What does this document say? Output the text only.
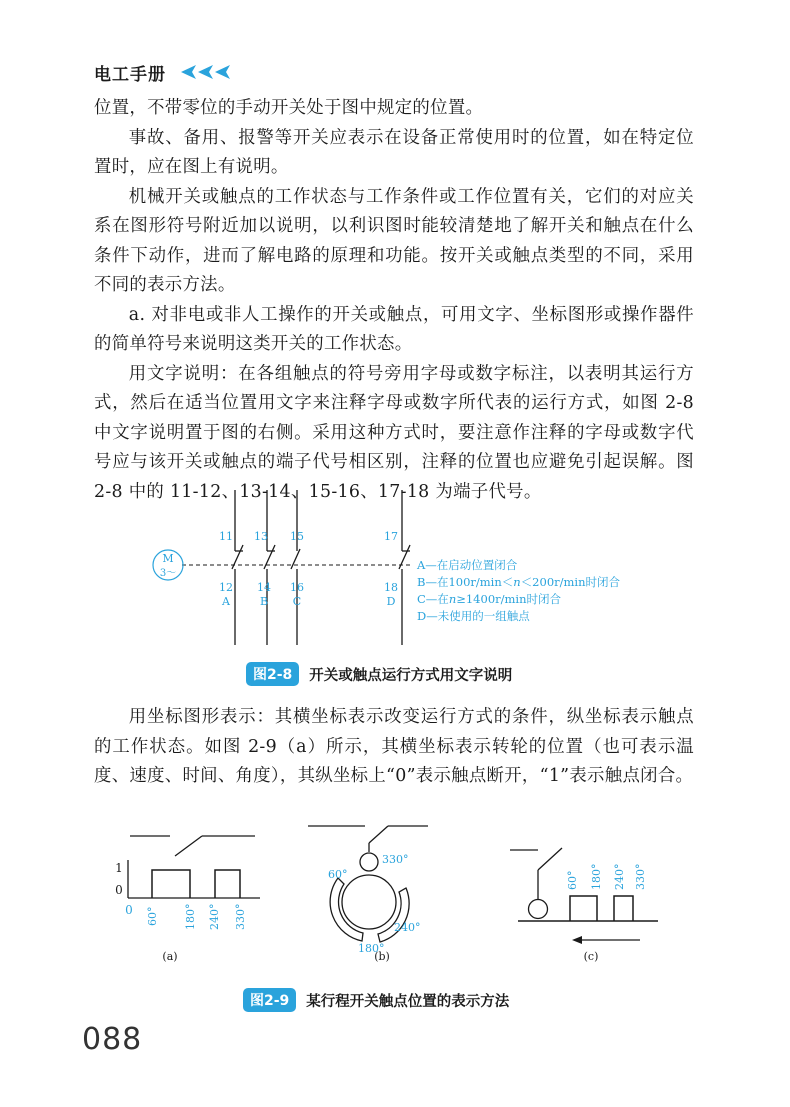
电工手册

位置，不带零位的手动开关处于图中规定的位置。

事故、备用、报警等开关应表示在设备正常使用时的位置，如在特定位置时，应在图上有说明。

机械开关或触点的工作状态与工作条件或工作位置有关，它们的对应关系在图形符号附近加以说明，以利识图时能较清楚地了解开关和触点在什么条件下动作，进而了解电路的原理和功能。按开关或触点类型的不同，采用不同的表示方法。

a. 对非电或非人工操作的开关或触点，可用文字、坐标图形或操作器件的简单符号来说明这类开关的工作状态。

用文字说明：在各组触点的符号旁用字母或数字标注，以表明其运行方式，然后在适当位置用文字来注释字母或数字所代表的运行方式，如图 2-8 中文字说明置于图的右侧。采用这种方式时，要注意作注释的字母或数字代号应与该开关或触点的端子代号相区别，注释的位置也应避免引起误解。图 2-8 中的 11-12、13-14、15-16、17-18 为端子代号。

M
3～
11 13 15	17
12 14 16	18
A	B C	D
A—在启动位置闭合
B—在100r/min＜n＜200r/min时闭合
C—在n≥1400r/min时闭合
D—未使用的一组触点
图2-8	开关或触点运行方式用文字说明

用坐标图形表示：其横坐标表示改变运行方式的条件，纵坐标表示触点的工作状态。如图 2-9（a）所示，其横坐标表示转轮的位置（也可表示温度、速度、时间、角度），其纵坐标上“0”表示触点断开，“1”表示触点闭合。

1
0
0 60° 180° 240° 330°
(a)
330°
60°
240°
180°
(b)
60° 180° 240° 330°
(c)
图2-9	某行程开关触点位置的表示方法
088
